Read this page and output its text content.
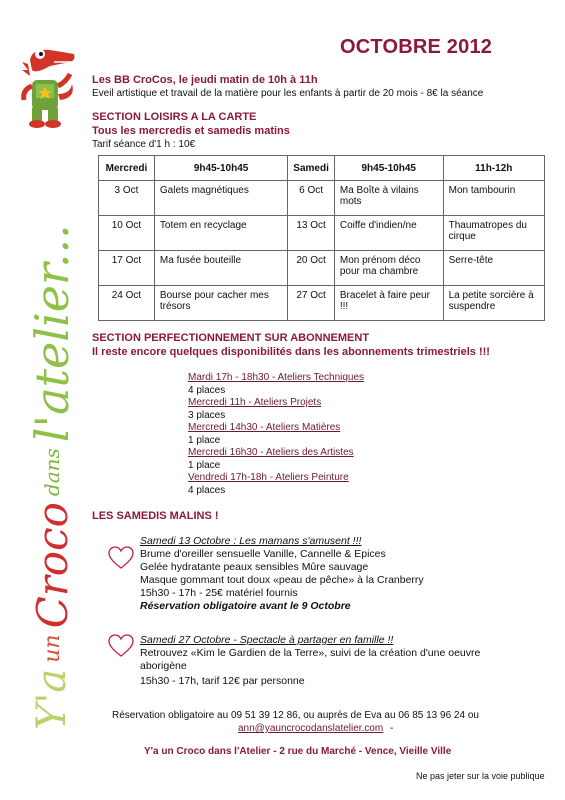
Y'a
un
Croco
dans
l'atelier...
OCTOBRE 2012
Les BB CroCos, le jeudi matin de 10h à 11h
Eveil artistique et travail de la matière pour les enfants à partir de 20 mois - 8€ la séance
SECTION LOISIRS A LA CARTE
Tous les mercredis et samedis matins
Tarif séance d'1 h : 10€
Mercredi	9h45-10h45	Samedi	9h45-10h45	11h-12h
3 Oct	Galets magnétiques	6 Oct	Ma Boîte à vilains mots	Mon tambourin
10 Oct	Totem en recyclage	13 Oct	Coiffe d'indien/ne	Thaumatropes du cirque
17 Oct	Ma fusée bouteille	20 Oct	Mon prénom déco pour ma chambre	Serre-tête
24 Oct	Bourse pour cacher mes trésors	27 Oct	Bracelet à faire peur !!!	La petite sorcière à suspendre
SECTION PERFECTIONNEMENT SUR ABONNEMENT
Il reste encore quelques disponibilités dans les abonnements trimestriels !!!
Mardi 17h - 18h30 - Ateliers Techniques
4 places
Mercredi 11h - Ateliers Projets
3 places
Mercredi 14h30 - Ateliers Matières
1 place
Mercredi 16h30 - Ateliers des Artistes
1 place
Vendredi 17h-18h - Ateliers Peinture
4 places
LES SAMEDIS MALINS !
Samedi 13 Octobre : Les mamans s'amusent !!!
Brume d'oreiller sensuelle Vanille, Cannelle & Epices
Gelée hydratante peaux sensibles Mûre sauvage
Masque gommant tout doux «peau de pêche» à la Cranberry
15h30 - 17h - 25€ matériel fournis
Réservation obligatoire avant le 9 Octobre
Samedi 27 Octobre - Spectacle à partager en famille !!
Retrouvez «Kim le Gardien de la Terre», suivi de la création d'une oeuvre
aborigène
15h30 - 17h, tarif 12€ par personne
Réservation obligatoire au 09 51 39 12 86, ou auprès de Eva au 06 85 13 96 24 ou
ann@yauncrocodanslatelier.com -
Y'a un Croco dans l'Atelier - 2 rue du Marché - Vence, Vieille Ville
Ne pas jeter sur la voie publique
